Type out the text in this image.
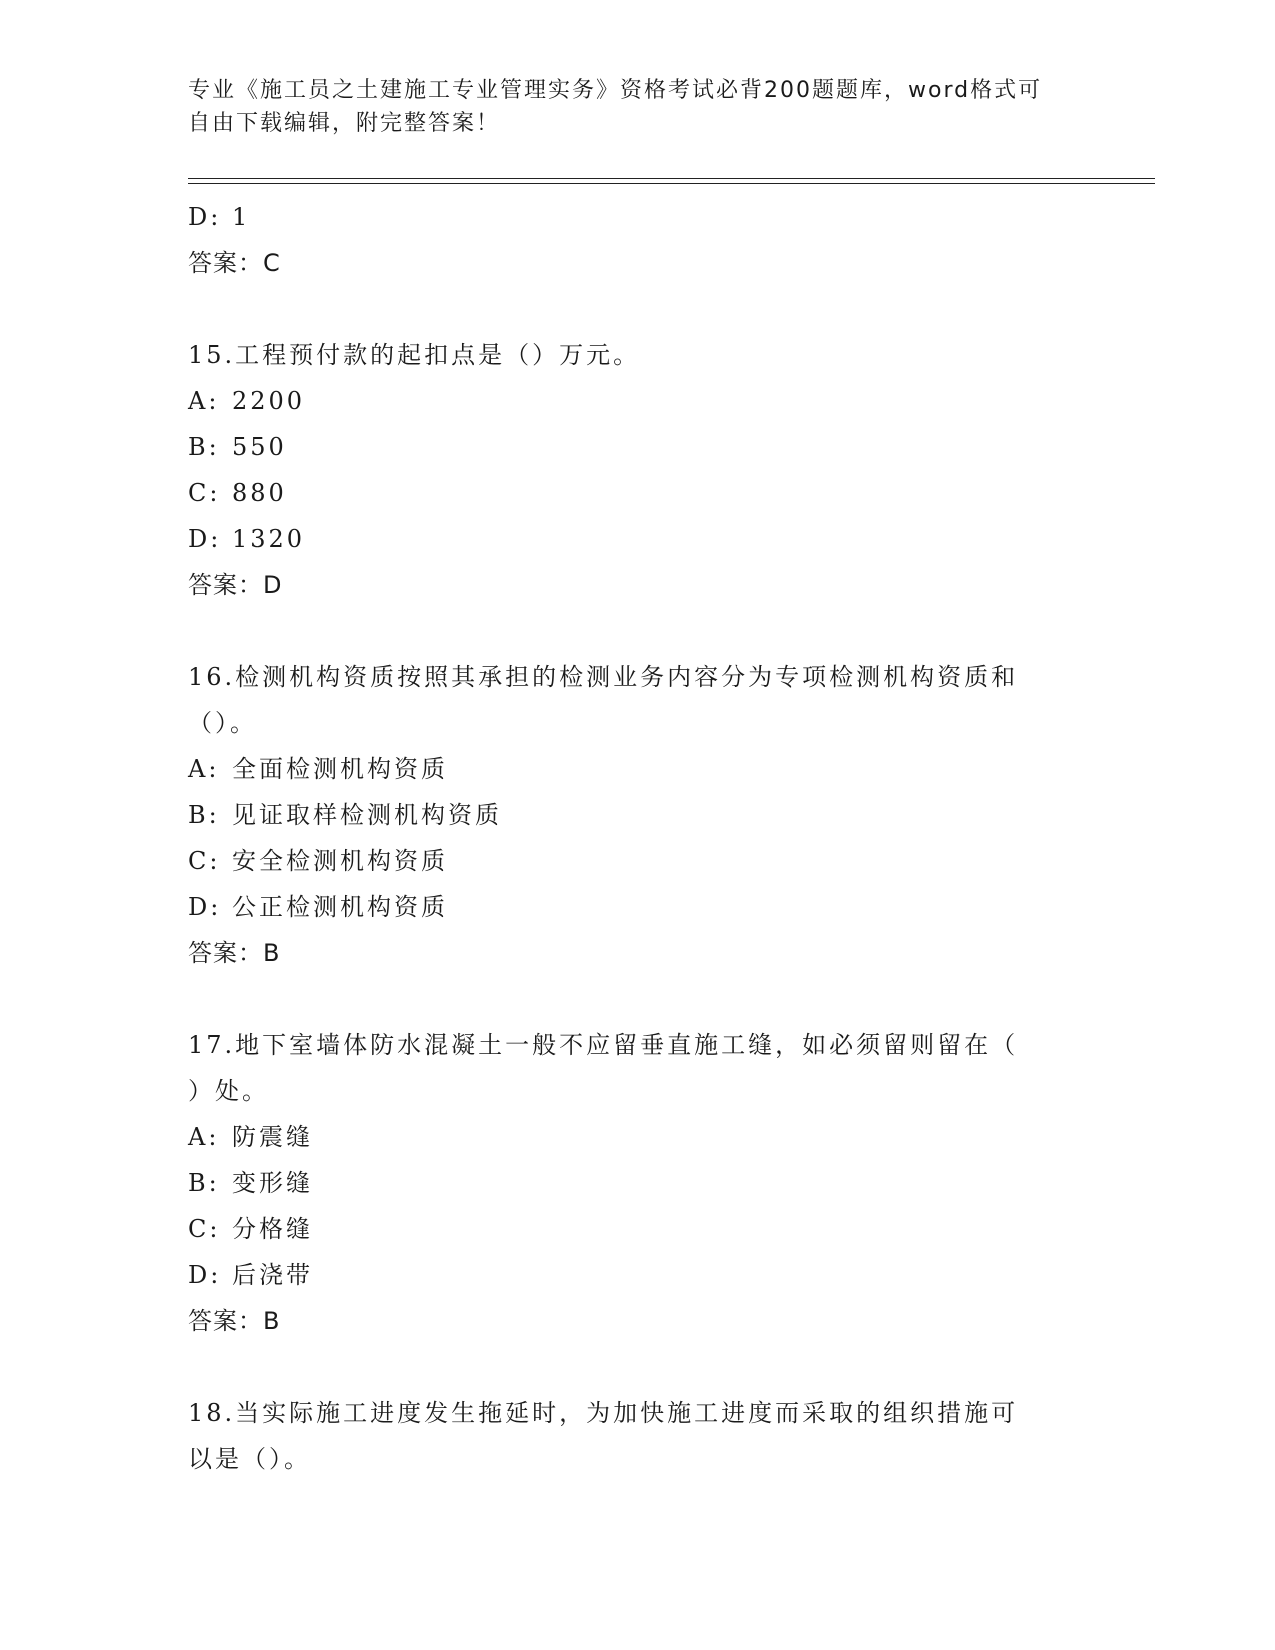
专业《施工员之土建施工专业管理实务》资格考试必背200题题库，word格式可
自由下载编辑，附完整答案！
D: 1
答案：C
15.工程预付款的起扣点是（）万元。
A: 2200
B: 550
C: 880
D: 1320
答案：D
16.检测机构资质按照其承担的检测业务内容分为专项检测机构资质和
（）。
A: 全面检测机构资质
B: 见证取样检测机构资质
C: 安全检测机构资质
D: 公正检测机构资质
答案：B
17.地下室墙体防水混凝土一般不应留垂直施工缝，如必须留则留在（
）处。
A: 防震缝
B: 变形缝
C: 分格缝
D: 后浇带
答案：B
18.当实际施工进度发生拖延时，为加快施工进度而采取的组织措施可
以是（）。
